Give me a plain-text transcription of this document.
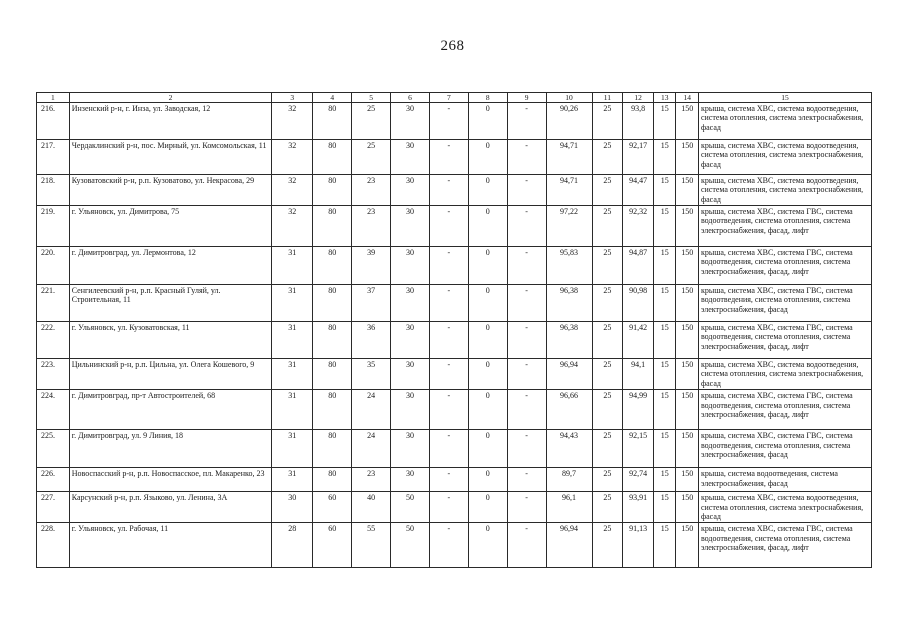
268
1	2	3	4	5	6	7	8	9	10	11	12	13	14	15
216.	Инзенский р-н, г. Инза, ул. Заводская, 12	32	80	25	30	-	0	-	90,26	25	93,8	15	150	крыша, система ХВС, система водоотведения, система отопления, система электроснабжения, фасад
217.	Чердаклинский р-н, пос. Мирный, ул. Комсомольская, 11	32	80	25	30	-	0	-	94,71	25	92,17	15	150	крыша, система ХВС, система водоотведения, система отопления, система электроснабжения, фасад
218.	Кузоватовский р-н, р.п. Кузоватово, ул. Некрасова, 29	32	80	23	30	-	0	-	94,71	25	94,47	15	150	крыша, система ХВС, система водоотведения, система отопления, система электроснабжения, фасад
219.	г. Ульяновск, ул. Димитрова, 75	32	80	23	30	-	0	-	97,22	25	92,32	15	150	крыша, система ХВС, система ГВС, система водоотведения, система отопления, система электроснабжения, фасад, лифт
220.	г. Димитровград, ул. Лермонтова, 12	31	80	39	30	-	0	-	95,83	25	94,87	15	150	крыша, система ХВС, система ГВС, система водоотведения, система отопления, система электроснабжения, фасад, лифт
221.	Сенгилеевский р-н, р.п. Красный Гуляй, ул. Строительная, 11	31	80	37	30	-	0	-	96,38	25	90,98	15	150	крыша, система ХВС, система ГВС, система водоотведения, система отопления, система электроснабжения, фасад
222.	г. Ульяновск, ул. Кузоватовская, 11	31	80	36	30	-	0	-	96,38	25	91,42	15	150	крыша, система ХВС, система ГВС, система водоотведения, система отопления, система электроснабжения, фасад, лифт
223.	Цильнинский р-н, р.п. Цильна, ул. Олега Кошевого, 9	31	80	35	30	-	0	-	96,94	25	94,1	15	150	крыша, система ХВС, система водоотведения, система отопления, система электроснабжения, фасад
224.	г. Димитровград, пр-т Автостроителей, 68	31	80	24	30	-	0	-	96,66	25	94,99	15	150	крыша, система ХВС, система ГВС, система водоотведения, система отопления, система электроснабжения, фасад, лифт
225.	г. Димитровград, ул. 9 Линия, 18	31	80	24	30	-	0	-	94,43	25	92,15	15	150	крыша, система ХВС, система ГВС, система водоотведения, система отопления, система электроснабжения, фасад
226.	Новоспасский р-н, р.п. Новоспасское, пл. Макаренко, 23	31	80	23	30	-	0	-	89,7	25	92,74	15	150	крыша, система водоотведения, система электроснабжения, фасад
227.	Карсунский р-н, р.п. Языково, ул. Ленина, 3А	30	60	40	50	-	0	-	96,1	25	93,91	15	150	крыша, система ХВС, система водоотведения, система отопления, система электроснабжения, фасад
228.	г. Ульяновск, ул. Рабочая, 11	28	60	55	50	-	0	-	96,94	25	91,13	15	150	крыша, система ХВС, система ГВС, система водоотведения, система отопления, система электроснабжения, фасад, лифт
